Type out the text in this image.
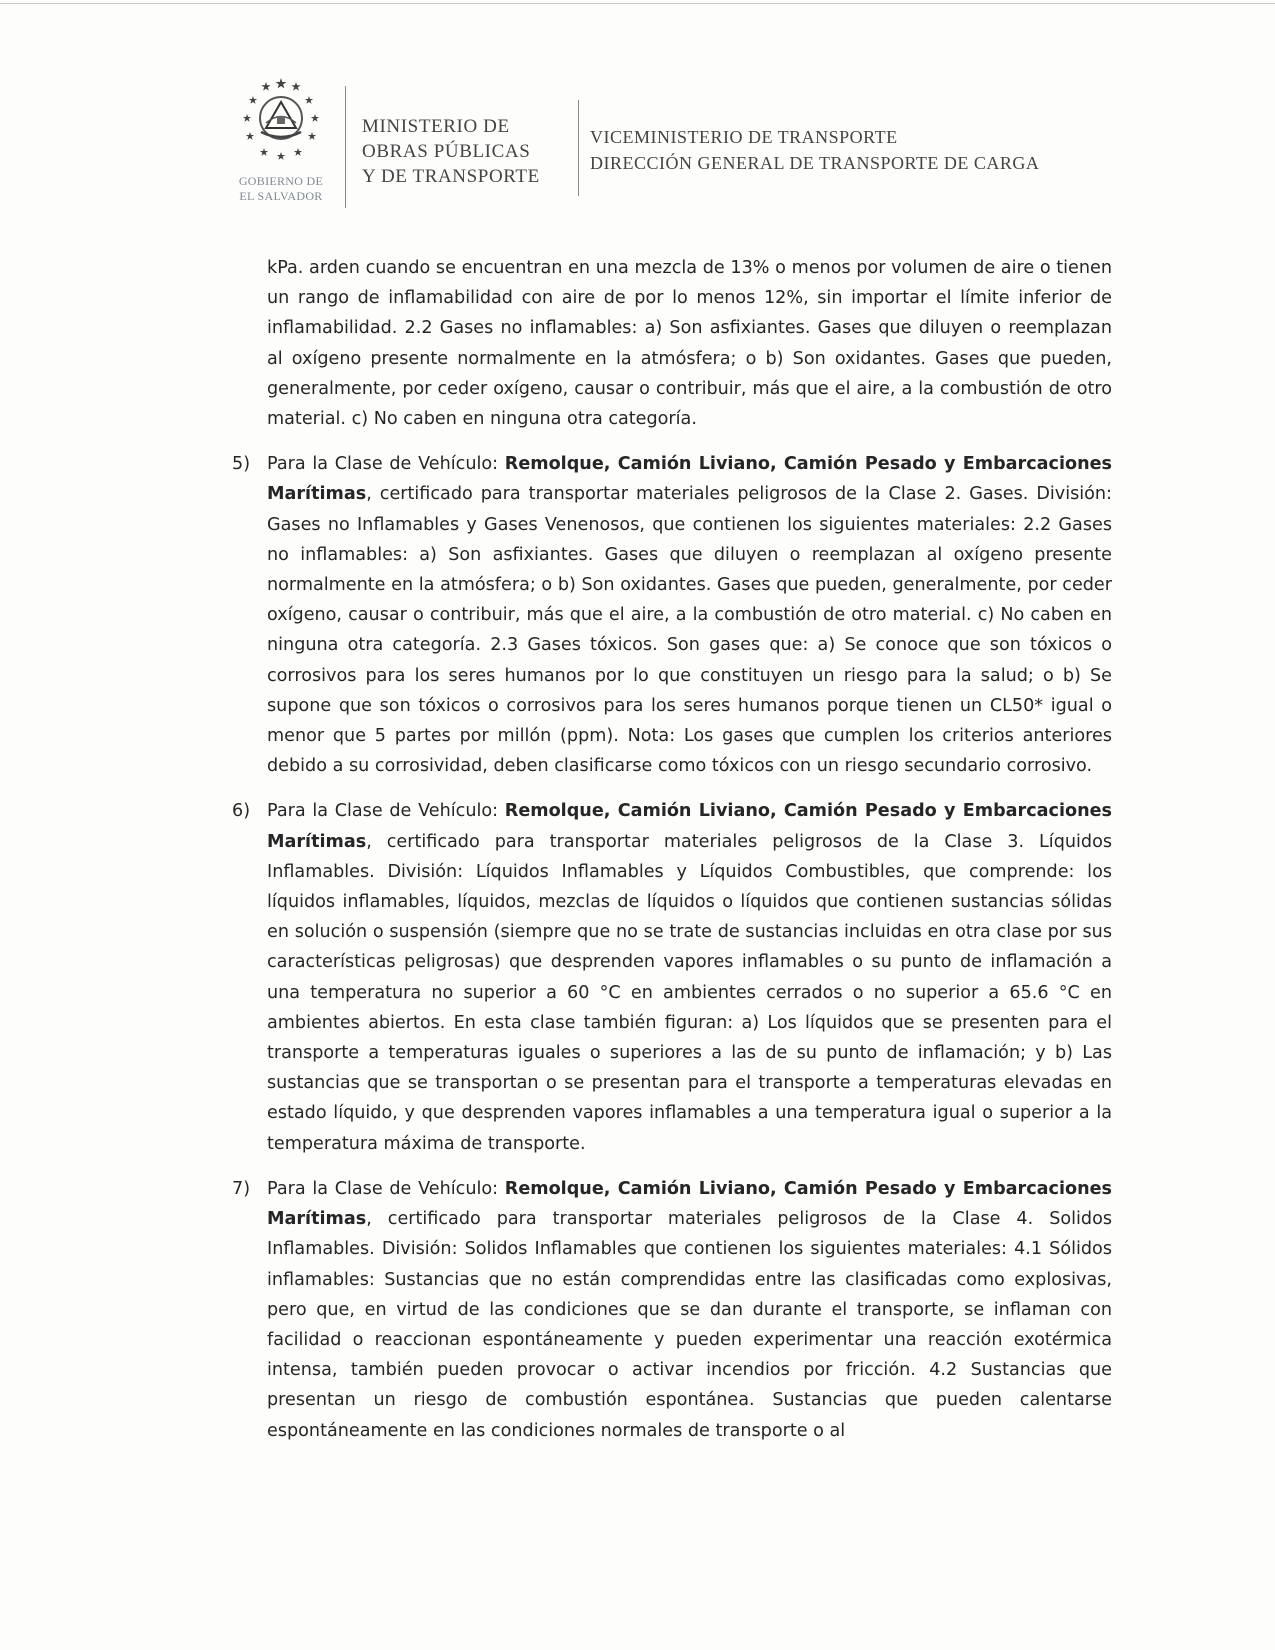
GOBIERNO DE
EL SALVADOR
MINISTERIO DE
OBRAS PÚBLICAS
Y DE TRANSPORTE
VICEMINISTERIO DE TRANSPORTE
DIRECCIÓN GENERAL DE TRANSPORTE DE CARGA

kPa. arden cuando se encuentran en una mezcla de 13% o menos por volumen de aire o tienen un rango de inflamabilidad con aire de por lo menos 12%, sin importar el límite inferior de inflamabilidad. 2.2 Gases no inflamables: a) Son asfixiantes. Gases que diluyen o reemplazan al oxígeno presente normalmente en la atmósfera; o b) Son oxidantes. Gases que pueden, generalmente, por ceder oxígeno, causar o contribuir, más que el aire, a la combustión de otro material. c) No caben en ninguna otra categoría.

5) Para la Clase de Vehículo: Remolque, Camión Liviano, Camión Pesado y Embarcaciones Marítimas, certificado para transportar materiales peligrosos de la Clase 2. Gases. División: Gases no Inflamables y Gases Venenosos, que contienen los siguientes materiales: 2.2 Gases no inflamables: a) Son asfixiantes. Gases que diluyen o reemplazan al oxígeno presente normalmente en la atmósfera; o b) Son oxidantes. Gases que pueden, generalmente, por ceder oxígeno, causar o contribuir, más que el aire, a la combustión de otro material. c) No caben en ninguna otra categoría. 2.3 Gases tóxicos. Son gases que: a) Se conoce que son tóxicos o corrosivos para los seres humanos por lo que constituyen un riesgo para la salud; o b) Se supone que son tóxicos o corrosivos para los seres humanos porque tienen un CL50* igual o menor que 5 partes por millón (ppm). Nota: Los gases que cumplen los criterios anteriores debido a su corrosividad, deben clasificarse como tóxicos con un riesgo secundario corrosivo.
6) Para la Clase de Vehículo: Remolque, Camión Liviano, Camión Pesado y Embarcaciones Marítimas, certificado para transportar materiales peligrosos de la Clase 3. Líquidos Inflamables. División: Líquidos Inflamables y Líquidos Combustibles, que comprende: los líquidos inflamables, líquidos, mezclas de líquidos o líquidos que contienen sustancias sólidas en solución o suspensión (siempre que no se trate de sustancias incluidas en otra clase por sus características peligrosas) que desprenden vapores inflamables o su punto de inflamación a una temperatura no superior a 60 °C en ambientes cerrados o no superior a 65.6 °C en ambientes abiertos. En esta clase también figuran: a) Los líquidos que se presenten para el transporte a temperaturas iguales o superiores a las de su punto de inflamación; y b) Las sustancias que se transportan o se presentan para el transporte a temperaturas elevadas en estado líquido, y que desprenden vapores inflamables a una temperatura igual o superior a la temperatura máxima de transporte.
7) Para la Clase de Vehículo: Remolque, Camión Liviano, Camión Pesado y Embarcaciones Marítimas, certificado para transportar materiales peligrosos de la Clase 4. Solidos Inflamables. División: Solidos Inflamables que contienen los siguientes materiales: 4.1 Sólidos inflamables: Sustancias que no están comprendidas entre las clasificadas como explosivas, pero que, en virtud de las condiciones que se dan durante el transporte, se inflaman con facilidad o reaccionan espontáneamente y pueden experimentar una reacción exotérmica intensa, también pueden provocar o activar incendios por fricción. 4.2 Sustancias que presentan un riesgo de combustión espontánea. Sustancias que pueden calentarse espontáneamente en las condiciones normales de transporte o al
